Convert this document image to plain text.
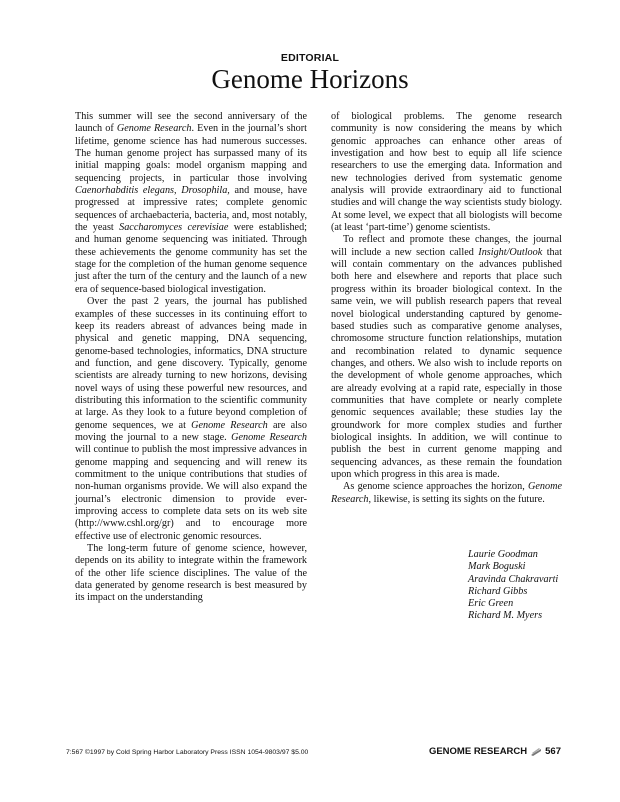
EDITORIAL
Genome Horizons

This summer will see the second anniversary of the launch of Genome Research. Even in the journal’s short lifetime, genome science has had numerous successes. The human genome project has surpassed many of its initial mapping goals: model organism mapping and sequencing projects, in particular those involving Caenorhabditis elegans, Drosophila, and mouse, have progressed at impressive rates; complete genomic sequences of archaebacteria, bacteria, and, most notably, the yeast Saccharomyces cerevisiae were established; and human genome sequencing was initiated. Through these achievements the genome community has set the stage for the completion of the human genome sequence just after the turn of the century and the launch of a new era of sequence-based biological investigation.

Over the past 2 years, the journal has published examples of these successes in its continuing effort to keep its readers abreast of advances being made in physical and genetic mapping, DNA sequencing, genome-based technologies, informatics, DNA structure and function, and gene discovery. Typically, genome scientists are already turning to new horizons, devising novel ways of using these powerful new resources, and distributing this information to the scientific community at large. As they look to a future beyond completion of genome sequences, we at Genome Research are also moving the journal to a new stage. Genome Research will continue to publish the most impressive advances in genome mapping and sequencing and will renew its commitment to the unique contributions that studies of non-human organisms provide. We will also expand the journal’s electronic dimension to provide ever-improving access to complete data sets on its web site (http://www.cshl.org/gr) and to encourage more effective use of electronic genomic resources.

The long-term future of genome science, however, depends on its ability to integrate within the framework of the other life science disciplines. The value of the data generated by genome research is best measured by its impact on the understanding

of biological problems. The genome research community is now considering the means by which genomic approaches can enhance other areas of investigation and how best to equip all life science researchers to use the emerging data. Information and new technologies derived from systematic genome analysis will provide extraordinary aid to functional studies and will change the way scientists study biology. At some level, we expect that all biologists will become (at least ‘part-time’) genome scientists.

To reflect and promote these changes, the journal will include a new section called Insight/Outlook that will contain commentary on the advances published both here and elsewhere and reports that place such progress within its broader biological context. In the same vein, we will publish research papers that reveal novel biological understanding captured by genome-based studies such as comparative genome analyses, chromosome structure function relationships, mutation and recombination related to dynamic sequence changes, and others. We also wish to include reports on the development of whole genome approaches, which are already evolving at a rapid rate, especially in those communities that have complete or nearly complete genomic sequences available; these studies lay the groundwork for more complex studies and further biological insights. In addition, we will continue to publish the best in current genome mapping and sequencing advances, as these remain the foundation upon which progress in this area is made.

As genome science approaches the horizon, Genome Research, likewise, is setting its sights on the future.

Laurie Goodman
Mark Boguski
Aravinda Chakravarti
Richard Gibbs
Eric Green
Richard M. Myers
7:567 ©1997 by Cold Spring Harbor Laboratory Press ISSN 1054-9803/97 $5.00	GENOME RESEARCH 567
